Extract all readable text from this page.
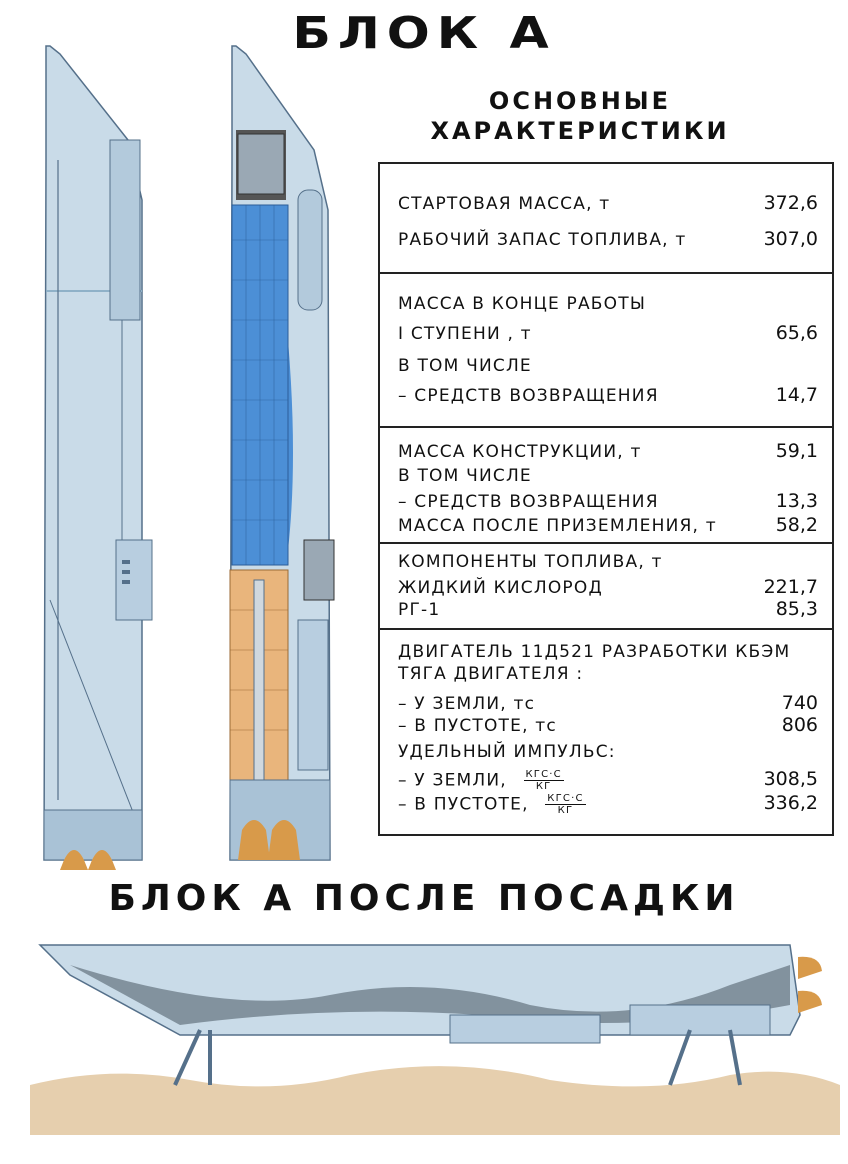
БЛОК А
ОСНОВНЫЕ
ХАРАКТЕРИСТИКИ
СТАРТОВАЯ МАССА, т	372,6
РАБОЧИЙ ЗАПАС ТОПЛИВА, т	307,0
МАССА В КОНЦЕ РАБОТЫ
I СТУПЕНИ , т	65,6
В ТОМ ЧИСЛЕ
– СРЕДСТВ ВОЗВРАЩЕНИЯ	14,7
МАССА КОНСТРУКЦИИ, т	59,1
В ТОМ ЧИСЛЕ
– СРЕДСТВ ВОЗВРАЩЕНИЯ	13,3
МАССА ПОСЛЕ ПРИЗЕМЛЕНИЯ, т	58,2
КОМПОНЕНТЫ ТОПЛИВА, т
ЖИДКИЙ КИСЛОРОД	221,7
РГ-1	85,3
ДВИГАТЕЛЬ 11Д521 РАЗРАБОТКИ КБЭМ
ТЯГА ДВИГАТЕЛЯ :
– У ЗЕМЛИ, тс	740
– В ПУСТОТЕ, тс	806
УДЕЛЬНЫЙ ИМПУЛЬС:
– У ЗЕМЛИ, $\frac{\text{КГС·С}}{КГ}$	308,5
– В ПУСТОТЕ, $\frac{\text{КГС·С}}{КГ}$	336,2
БЛОК А ПОСЛЕ ПОСАДКИ
